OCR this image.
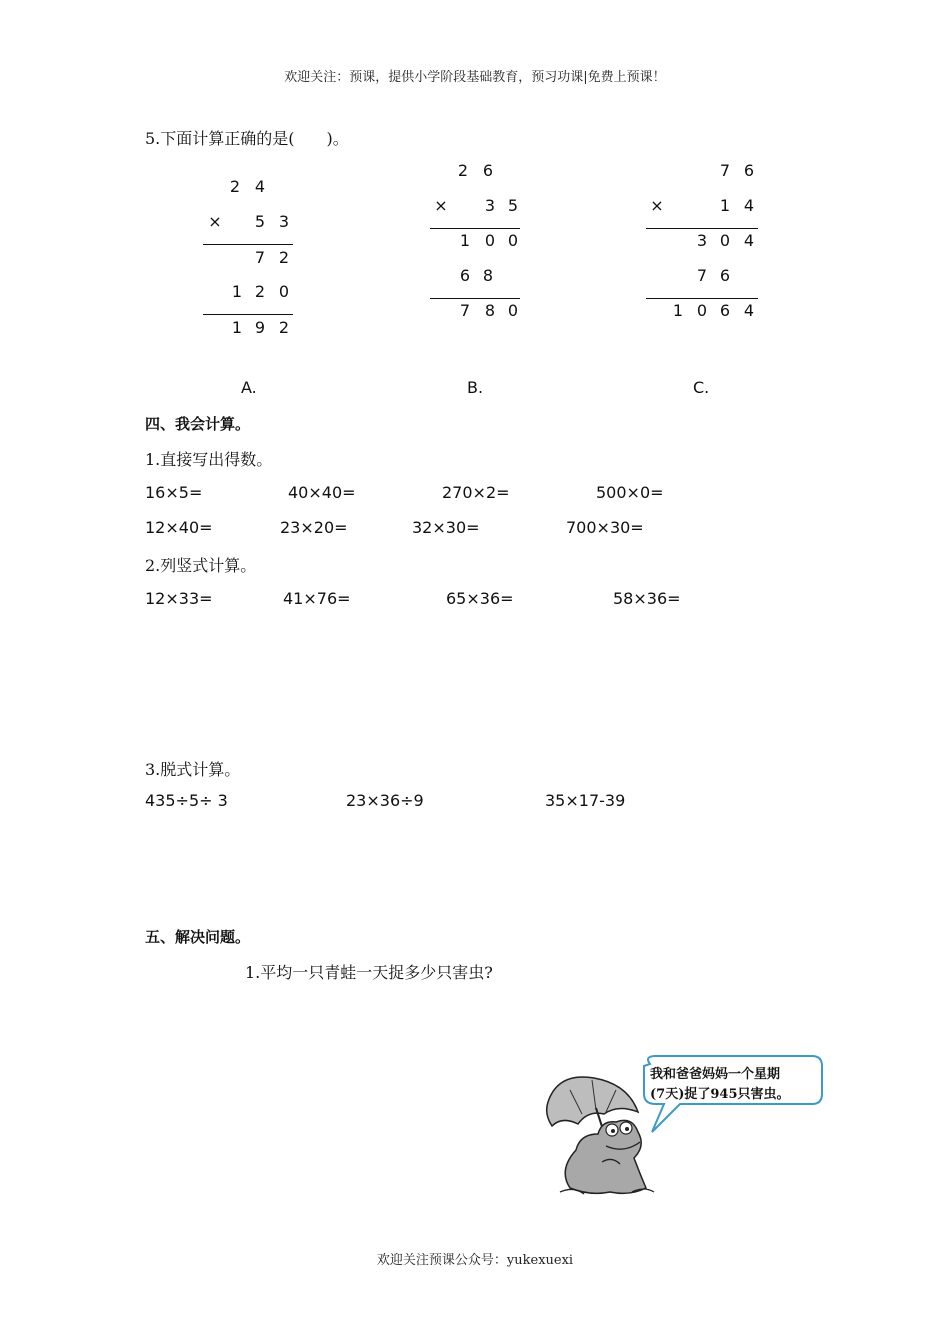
欢迎关注：预课，提供小学阶段基础教育，预习功课|免费上预课！
5.下面计算正确的是(　　)。
2 4
× 5 3
7 2
1 2 0
1 9 2
2 6
× 3 5
1 0 0
6 8
7 8 0
7 6
×	1 4
3 0 4
7 6
1 0 6 4
A.	B.	C.
四、我会计算。
1.直接写出得数。
16×5=	40×40=	270×2=	500×0=
12×40=	23×20=	32×30=	700×30=
2.列竖式计算。
12×33=	41×76=	65×36=	58×36=
3.脱式计算。
435÷5÷ 3	23×36÷9	35×17-39
五、解决问题。
1.平均一只青蛙一天捉多少只害虫?
我和爸爸妈妈一个星期
(7天)捉了945只害虫。
欢迎关注预课公众号：yukexuexi
